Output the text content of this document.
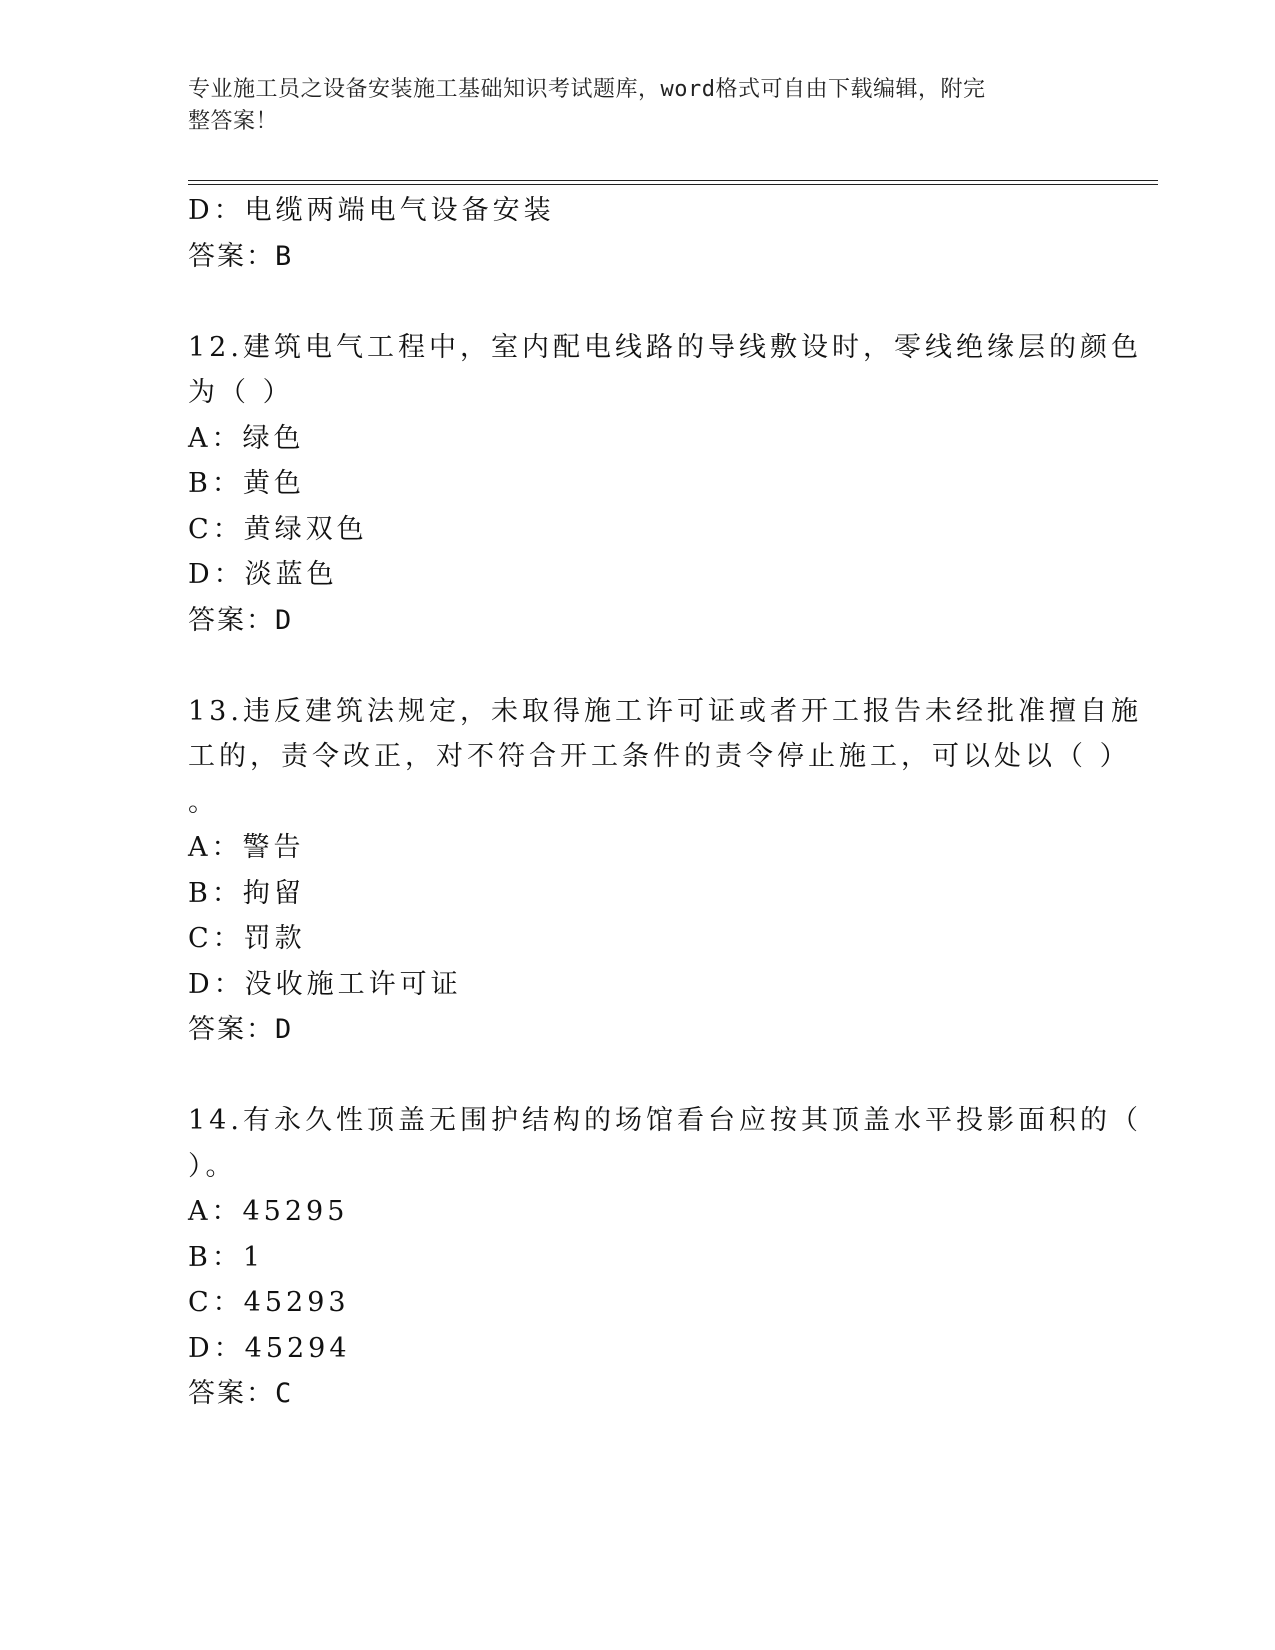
专业施工员之设备安装施工基础知识考试题库，word格式可自由下载编辑，附完
整答案！
D：电缆两端电气设备安装
答案：B
12.建筑电气工程中，室内配电线路的导线敷设时，零线绝缘层的颜色
为（ ）
A：绿色
B：黄色
C：黄绿双色
D：淡蓝色
答案：D
13.违反建筑法规定，未取得施工许可证或者开工报告未经批准擅自施
工的，责令改正，对不符合开工条件的责令停止施工，可以处以（ ）
。
A：警告
B：拘留
C：罚款
D：没收施工许可证
答案：D
14.有永久性顶盖无围护结构的场馆看台应按其顶盖水平投影面积的（
）。
A：45295
B：1
C：45293
D：45294
答案：C
